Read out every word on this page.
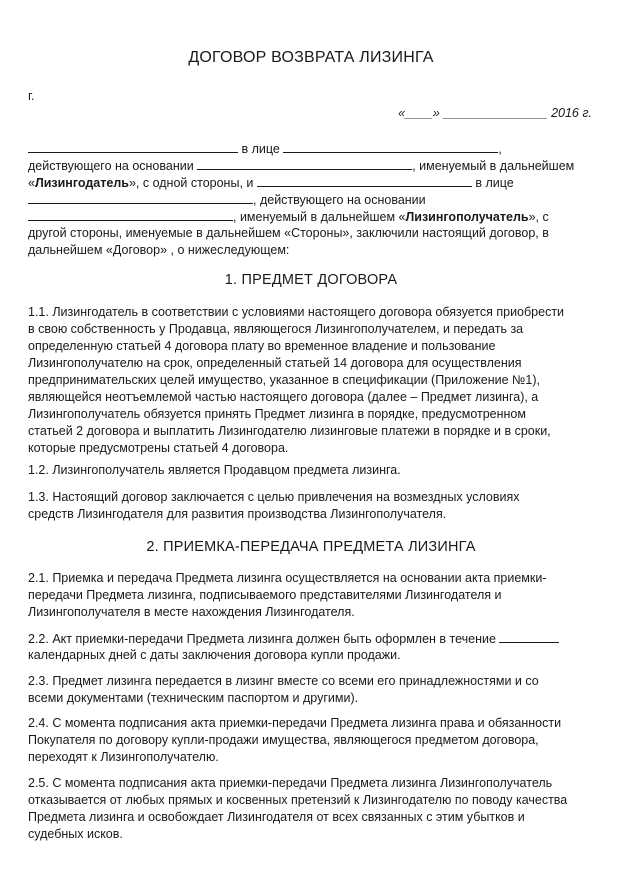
ДОГОВОР ВОЗВРАТА ЛИЗИНГА
г.
«____» _______________ 2016 г.
в лице	,
действующего на основании	, именуемый в дальнейшем
«Лизингодатель», с одной стороны, и	в лице
, действующего на основании
, именуемый в дальнейшем «Лизингополучатель», с
другой стороны, именуемые в дальнейшем «Стороны», заключили настоящий договор, в
дальнейшем «Договор» , о нижеследующем:
1. ПРЕДМЕТ ДОГОВОРА
1.1. Лизингодатель в соответствии с условиями настоящего договора обязуется приобрести
в свою собственность у Продавца, являющегося Лизингополучателем, и передать за
определенную статьей 4 договора плату во временное владение и пользование
Лизингополучателю на срок, определенный статьей 14 договора для осуществления
предпринимательских целей имущество, указанное в спецификации (Приложение №1),
являющейся неотъемлемой частью настоящего договора (далее – Предмет лизинга), а
Лизингополучатель обязуется принять Предмет лизинга в порядке, предусмотренном
статьей 2 договора и выплатить Лизингодателю лизинговые платежи в порядке и в сроки,
которые предусмотрены статьей 4 договора.
1.2. Лизингополучатель является Продавцом предмета лизинга.
1.3. Настоящий договор заключается с целью привлечения на возмездных условиях
средств Лизингодателя для развития производства Лизингополучателя.
2. ПРИЕМКА-ПЕРЕДАЧА ПРЕДМЕТА ЛИЗИНГА
2.1. Приемка и передача Предмета лизинга осуществляется на основании акта приемки-
передачи Предмета лизинга, подписываемого представителями Лизингодателя и
Лизингополучателя в месте нахождения Лизингодателя.
2.2. Акт приемки-передачи Предмета лизинга должен быть оформлен в течение
календарных дней с даты заключения договора купли продажи.
2.3. Предмет лизинга передается в лизинг вместе со всеми его принадлежностями и со
всеми документами (техническим паспортом и другими).
2.4. С момента подписания акта приемки-передачи Предмета лизинга права и обязанности
Покупателя по договору купли-продажи имущества, являющегося предметом договора,
переходят к Лизингополучателю.
2.5. С момента подписания акта приемки-передачи Предмета лизинга Лизингополучатель
отказывается от любых прямых и косвенных претензий к Лизингодателю по поводу качества
Предмета лизинга и освобождает Лизингодателя от всех связанных с этим убытков и
судебных исков.
